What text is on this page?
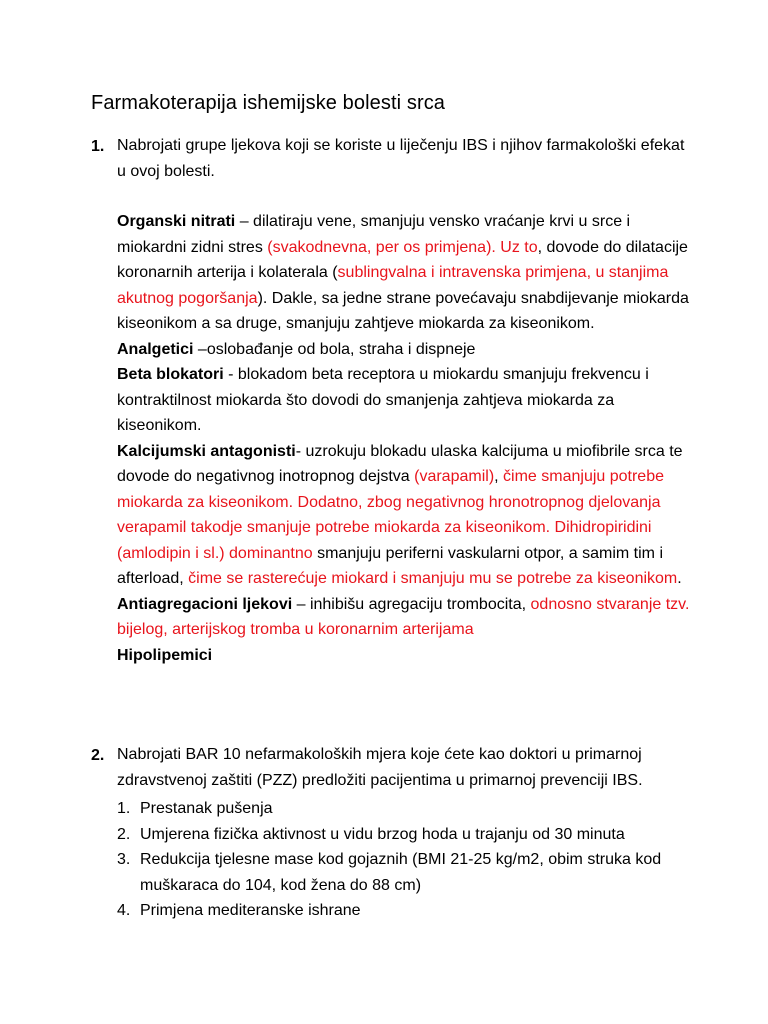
Farmakoterapija ishemijske bolesti srca
1. Nabrojati grupe ljekova koji se koriste u liječenju IBS i njihov farmakološki efekat u ovoj bolesti.

Organski nitrati – dilatiraju vene, smanjuju vensko vraćanje krvi u srce i miokardni zidni stres (svakodnevna, per os primjena). Uz to, dovode do dilatacije koronarnih arterija i kolaterala (sublingvalna i intravenska primjena, u stanjima akutnog pogoršanja). Dakle, sa jedne strane povećavaju snabdijevanje miokarda kiseonikom a sa druge, smanjuju zahtjeve miokarda za kiseonikom.

Analgetici –oslobađanje od bola, straha i dispneje

Beta blokatori - blokadom beta receptora u miokardu smanjuju frekvencu i kontraktilnost miokarda što dovodi do smanjenja zahtjeva miokarda za kiseonikom.

Kalcijumski antagonisti- uzrokuju blokadu ulaska kalcijuma u miofibrile srca te dovode do negativnog inotropnog dejstva (varapamil), čime smanjuju potrebe miokarda za kiseonikom. Dodatno, zbog negativnog hronotropnog djelovanja verapamil takodje smanjuje potrebe miokarda za kiseonikom. Dihidropiridini (amlodipin i sl.) dominantno smanjuju periferni vaskularni otpor, a samim tim i afterload, čime se rasterećuje miokard i smanjuju mu se potrebe za kiseonikom.

Antiagregacioni ljekovi – inhibišu agregaciju trombocita, odnosno stvaranje tzv. bijelog, arterijskog tromba u koronarnim arterijama

Hipolipemici

2. Nabrojati BAR 10 nefarmakoloških mjera koje ćete kao doktori u primarnoj zdravstvenoj zaštiti (PZZ) predložiti pacijentima u primarnoj prevenciji IBS.
1. Prestanak pušenja
2. Umjerena fizička aktivnost u vidu brzog hoda u trajanju od 30 minuta
3. Redukcija tjelesne mase kod gojaznih (BMI 21-25 kg/m2, obim struka kod muškaraca do 104, kod žena do 88 cm)
4. Primjena mediteranske ishrane
